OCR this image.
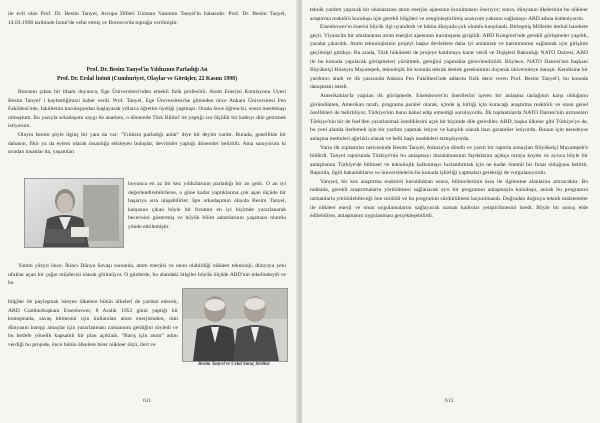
ile evli olan Prof. Dr. Besim Tanyel, Avrupa Dilleri Uzmanı Yasemin Tanyel'in babasıdır. Prof. Dr. Besim Tanyel, 14.03.1998 tarihinde İzmir'de vefat etmiş ve Bornova'da toprağa verilmiştir.

Prof. Dr. Besim Tanyel'in Yıldızının Parladığı An
Prof. Dr. Erdal İnönü (Cumhuriyet, Olaylar ve Görüşler, 22 Kasım 1998)

Bozuntu çıkan bir itham duyunca, Ege Üniversitesi'nden emekli fizik profesörü. Atom Enerjisi Komisyonu Uyesi Besim Tanyel' i kaybettiğimizi haber verdi. Prof. Tanyel, Ege Üniversitesi'ne gitmeden önce Ankara Üniversitesi Fen Fakültesi'nde, fakültenin kuruluşundan başlayarak yıllarca öğretim üyeliği yapmıştı. Orada önce öğrencisi, sonra meslektaşı olmuştum. Bu yazıyla arkadaşımı saygı ile anarken, o dönemde Türk Bilimi' ne yaptığı zor ölçülür bir katkıyı dile getirmek istiyorum.

Olayın benim şöyle ilginç bir yanı da var: "Yıldızın parladığı anlar" diye bir deyim vardır. Burada, genellikle bir dahanın, fikir ya da eylem olarak insanlığa etkileyen buluşlar, devrimler yaptığı dönemler belirtilir. Ama sanıyorum ki sıradan insanlar da, yaşamları

boyunca en az bir kez yıldızlarının parladığı bir an gelir. O an iyi değerlendirebilirlerse, o güne kadar yaptıklarına çok aşan ölçüde bir başarıya sıra ulaşabilirler. İşte arkadaşımın olayda Besim Tanyel, karşısına çıkan böyle bir fırsatını en iyi biçimde yararlanarak becerisini göstermiş ve büyük bilim adamlarının yaşaması olumlu yönde etkilemiştir.

Yamin yüzyıl önce, İkinci Dünya Savaşı sonunda, atom enerjisi ve onun olabildiği nükleer teknoloji, dünyaya yeni ufuklar açan bir çağın müjdecisi olarak görünüyor. O günlerde, bu alandaki bilgiler büyük ölçüde ABD'nin tekelindeydi ve bu

bilgiler ile paylaşmak isteyen ülkelere bütün ülkeleri de yardım edecek, ABD Cumhurbaşkanı Eisenhower, 8 Aralık 1953 günü yaptığı bir konuşmada, savaş bitmesini için kullanılan atom enerjisinden, tüm dünyanın barışçı amaçlar için yararlanması zamanının geldiğini söyledi ve bu hedefe yönelik kapsamlı bir plan açıkladı. "Barış için atom" adını verdiği bu projede, önce bütün ülkelere birer nükleer ölçü, ileri ve

Besim Tanyel ve Celal Saraç birlikte
611

teknik yardım yapacak bir uluslararası atom enerjisi ajansının kurulmasını öneriyor; sonra, dünyanın ilkelerinin bu nükleer araştırma reaktörü kuruluşu için gerekli bilgileri ve zenginleştirilmiş uranyum yakıtını sağlamayı ABD adına üstleniyordu.

Eisenhower'ın önerisi büyük ilgi uyandırdı ve bütün dünyada çok olumlu karşılandı. Birleşmiş Milletler derhal harekete geçti. Viyana'da bir uluslararası atom enerjisi ajansının kuruluşuna girişildi. ABD Kongresi'nde gerekli görüşmeler yapıldı, yasalar çıkarıldı. Atom teknolojisinin projeyi başka devletlere daha iyi anlatmak ve katılımlarını sağlamak için girişime geçilmişti gittikçe. Bu arada, Türk hükümeti de projeye katılmaya karar verdi ve Dışişleri Bakanlığı NATO Dairesi, ABD ile bu konuda yapılacak görüşmeleri yürütmek, gereğini yapmakla görevlendirildi. Böylece, NATO Dairesi'nin başkanı Büyükelçi Hüseyin Mayatepek, teknolojik bir konuda teknik destek gereksinimi duyarak üniversiteye danıştı. Kendisine bir yardımcı atadı ve ilk yazısında Ankara Fen Fakültesi'nde adlarını fizik dersi veren Prof. Besim Tanyel'i, bu konuda danışmanı istedi.

Amerikalılar'la yapılan ilk görüşmede, Eisenhower'ın önerilerini içeren bir anlaşma taslağının karşı olduğunu göründükten, Amerikan tarafı, programa paralel olarak, içinde iş birliği için kuracağı araştırma reaktörü ve onun genel özellikleri de belirtiliyor, Türkiye'nin bunu kabul edip etmediği soruluyordu. İlk toplantılarda NATO Dairesi'nin uzmanları Türkiye'nin bir de fuel'den yararlanmak istediklerini açık bir biçimde dile getirdiler. ABD, başka ülkeler gibi Türkiye'ye de, bu yeni alanda ilerlemek için bir yardım yapmak istiyor ve karşılık olarak bazı garantiler istiyordu. Bunun için neredeyse anlaşma metinleri ağırlıklı olarak ve belli başlı maddeleri tartışılıyordu.

Yarın ilk toplantılar neticesinde Besim Tanyel, Ankara'ya döndü ve yazılı bir raporla sonuçları Büyükelçi Mayatepek'e bildirdi. Tanyel raporunda Türkiye'nin bu anlaşmayı imzalamasının faydalarını açıkça ortaya koydu ve ayrıca böyle bir anlaşmanın Türkiye'de bilimsel ve teknolojik kalkınmayı hızlandırmak için ne kadar önemli bir fırsat olduğunu belirtti. Raporda, ilgili bakanlıkların ve üniversitelerin bu konuda işbirliği yapmaları gerektiği de vurgulanıyordu.

Yanıyel, bir kez araştırma reaktörü kurulduktan sonra, bilimcilerinin kısa ile ilgilenme alanlarını artıracaktır. Bu noktada, gerekli araştırmaların yürütülmesi sağlanacak ayrı bir programın anlaşmayla konuluşu, ancak bu programın uzmanlarla yürütülebileceği öne sürüldü ve bu programın sürdürülmesi kaçınılmazdı. Doğrudan doğruya teknik malzemeler ile nükleer enerji ve onun uygulamalarını sağlayacak uzman kadrolar yetiştirilmesini istedi. Böyle bir sonuç elde edilebilirse, anlaşmanın uygulanması gerçekleşebilirdi.

613
